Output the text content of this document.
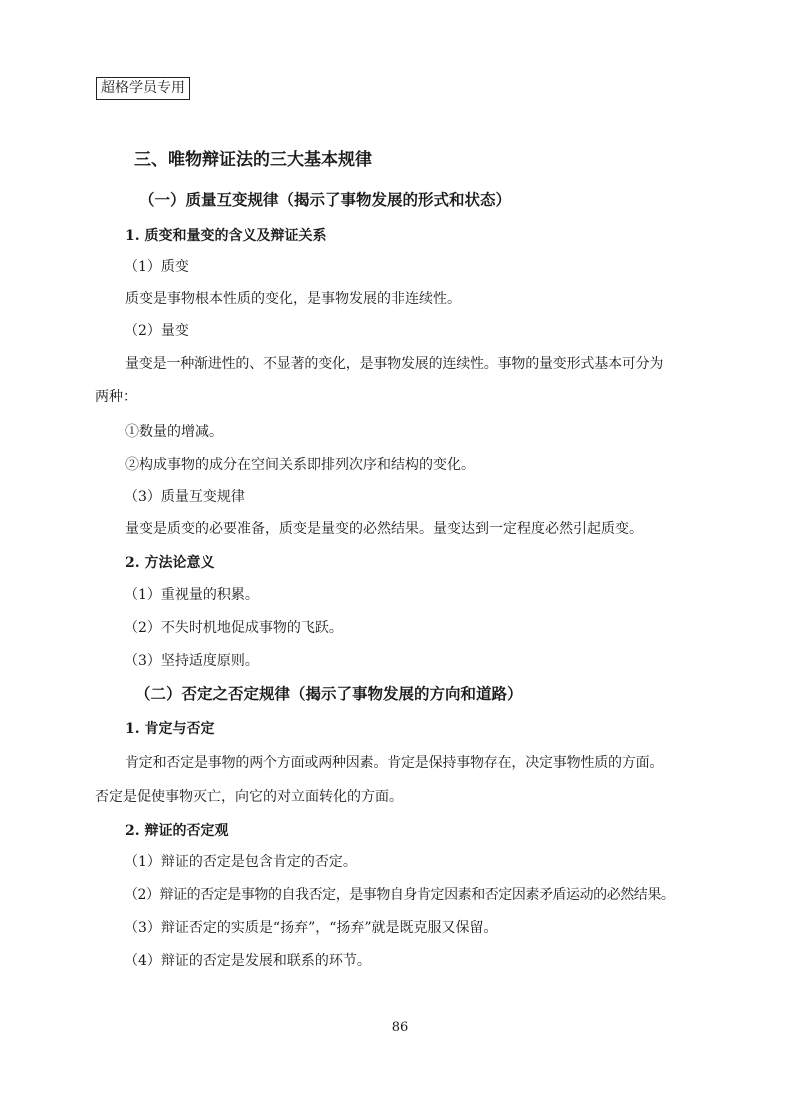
超格学员专用
三、唯物辩证法的三大基本规律
（一）质量互变规律（揭示了事物发展的形式和状态）
1. 质变和量变的含义及辩证关系
（1）质变
质变是事物根本性质的变化，是事物发展的非连续性。
（2）量变
量变是一种渐进性的、不显著的变化，是事物发展的连续性。事物的量变形式基本可分为
两种：
①数量的增减。
②构成事物的成分在空间关系即排列次序和结构的变化。
（3）质量互变规律
量变是质变的必要准备，质变是量变的必然结果。量变达到一定程度必然引起质变。
2. 方法论意义
（1）重视量的积累。
（2）不失时机地促成事物的飞跃。
（3）坚持适度原则。
（二）否定之否定规律（揭示了事物发展的方向和道路）
1. 肯定与否定
肯定和否定是事物的两个方面或两种因素。肯定是保持事物存在，决定事物性质的方面。
否定是促使事物灭亡，向它的对立面转化的方面。
2. 辩证的否定观
（1）辩证的否定是包含肯定的否定。
（2）辩证的否定是事物的自我否定，是事物自身肯定因素和否定因素矛盾运动的必然结果。
（3）辩证否定的实质是“扬弃”，“扬弃”就是既克服又保留。
（4）辩证的否定是发展和联系的环节。
86
